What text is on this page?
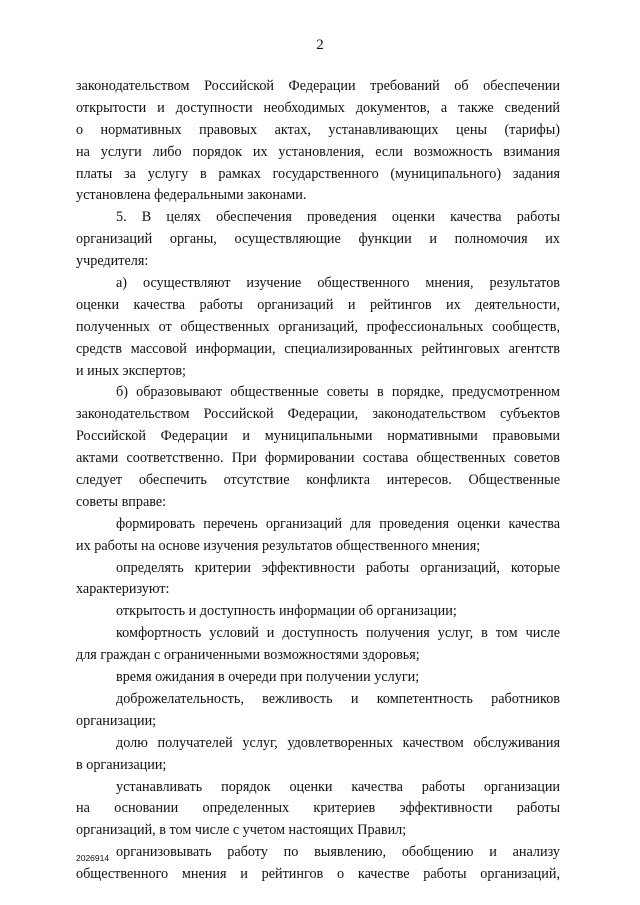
2
законодательством Российской Федерации требований об обеспечении
открытости и доступности необходимых документов, а также сведений
о нормативных правовых актах, устанавливающих цены (тарифы)
на услуги либо порядок их установления, если возможность взимания
платы за услугу в рамках государственного (муниципального) задания
установлена федеральными законами.
5. В целях обеспечения проведения оценки качества работы
организаций органы, осуществляющие функции и полномочия их
учредителя:
а) осуществляют изучение общественного мнения, результатов
оценки качества работы организаций и рейтингов их деятельности,
полученных от общественных организаций, профессиональных сообществ,
средств массовой информации, специализированных рейтинговых агентств
и иных экспертов;
б) образовывают общественные советы в порядке, предусмотренном
законодательством Российской Федерации, законодательством субъектов
Российской Федерации и муниципальными нормативными правовыми
актами соответственно. При формировании состава общественных советов
следует обеспечить отсутствие конфликта интересов. Общественные
советы вправе:
формировать перечень организаций для проведения оценки качества
их работы на основе изучения результатов общественного мнения;
определять критерии эффективности работы организаций, которые
характеризуют:
открытость и доступность информации об организации;
комфортность условий и доступность получения услуг, в том числе
для граждан с ограниченными возможностями здоровья;
время ожидания в очереди при получении услуги;
доброжелательность, вежливость и компетентность работников
организации;
долю получателей услуг, удовлетворенных качеством обслуживания
в организации;
устанавливать порядок оценки качества работы организации
на основании определенных критериев эффективности работы
организаций, в том числе с учетом настоящих Правил;
организовывать работу по выявлению, обобщению и анализу
общественного мнения и рейтингов о качестве работы организаций,
2026914
